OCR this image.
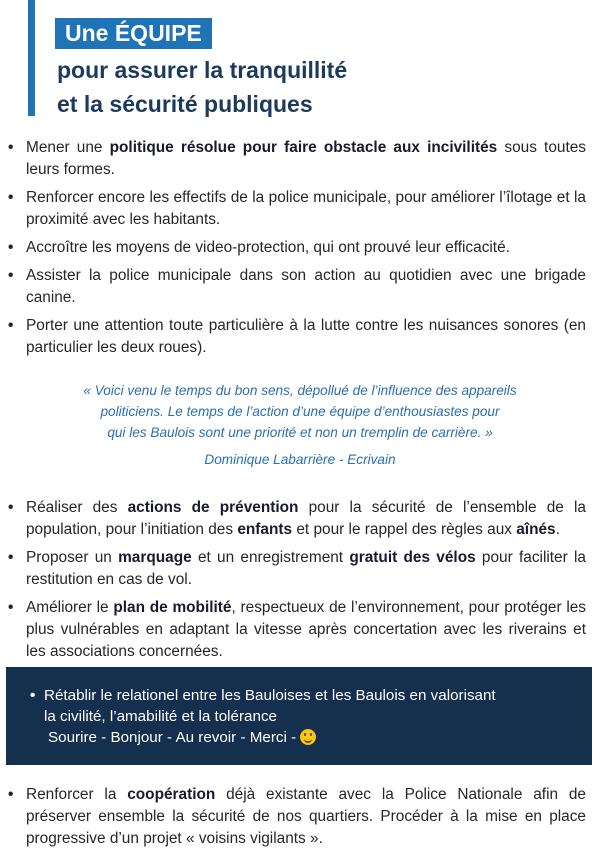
Une ÉQUIPE
pour assurer la tranquillité
et la sécurité publiques
• Mener une politique résolue pour faire obstacle aux incivilités sous toutes leurs formes.
• Renforcer encore les effectifs de la police municipale, pour améliorer l’îlotage et la proximité avec les habitants.
• Accroître les moyens de video-protection, qui ont prouvé leur efficacité.
• Assister la police municipale dans son action au quotidien avec une brigade canine.
• Porter une attention toute particulière à la lutte contre les nuisances sonores (en particulier les deux roues).
« Voici venu le temps du bon sens, dépollué de l’influence des appareils
politiciens. Le temps de l’action d’une équipe d’enthousiastes pour
qui les Baulois sont une priorité et non un tremplin de carrière. »
Dominique Labarrière - Ecrivain
• Réaliser des actions de prévention pour la sécurité de l’ensemble de la population, pour l’initiation des enfants et pour le rappel des règles aux aînés.
• Proposer un marquage et un enregistrement gratuit des vélos pour faciliter la restitution en cas de vol.
• Améliorer le plan de mobilité, respectueux de l’environnement, pour protéger les plus vulnérables en adaptant la vitesse après concertation avec les riverains et les associations concernées.
• Rétablir le relationel entre les Bauloises et les Baulois en valorisant
la civilité, l’amabilité et la tolérance
Sourire - Bonjour - Au revoir - Merci -
• Renforcer la coopération déjà existante avec la Police Nationale afin de préserver ensemble la sécurité de nos quartiers. Procéder à la mise en place progressive d’un projet « voisins vigilants ».
